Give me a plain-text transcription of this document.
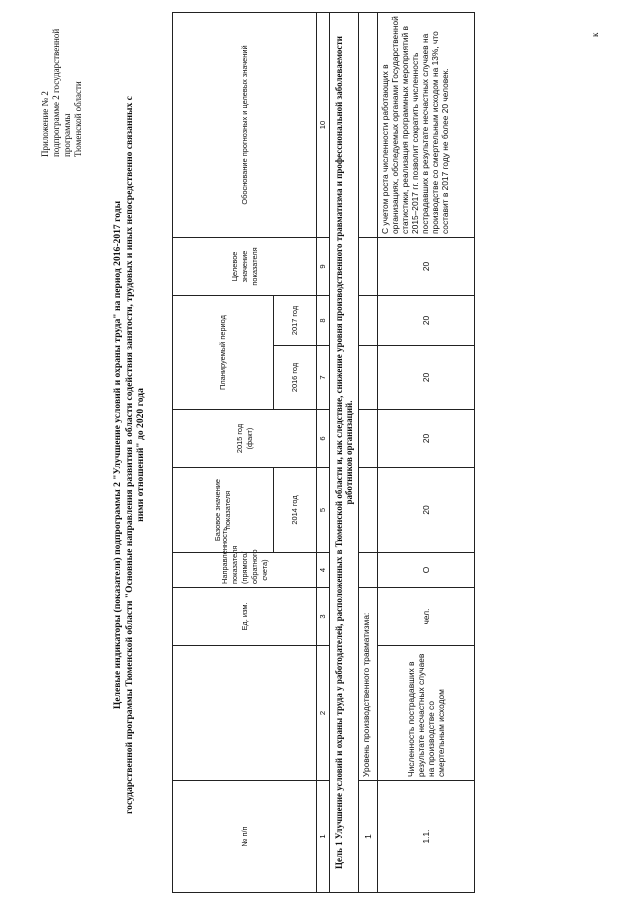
Приложение № 2 подпрограмме 2 государственной программы Тюменской области
к
Целевые индикаторы (показатели) подпрограммы 2 "Улучшение условий и охраны труда" на период 2016-2017 годы государственной программы Тюменской области "Основные направления развития в области содействия занятости, трудовых и иных непосредственно связанных с ними отношений" до 2020 года
№ п/п		Ед. изм.	Направленность показателя (прямого/обратного счета)	Базовое значение показателя	2015 год (факт)	Планируемый период		Целевое значение показателя	Обоснование прогнозных и целевых значений
				2014 год		2016 год	2017 год		
1	2	3	4	5	6	7	8	9	10
Цель 1 Улучшение условий и охраны труда у работодателей, расположенных в Тюменской области и, как следствие, снижение уровня производственного травматизма и профессиональной заболеваемости работников организаций.									
1	Уровень производственного травматизма:								
1.1.	Численность пострадавших в результате несчастных случаев на производстве со смертельным исходом	чел.	О	20	20	20	20	20	С учетом роста численности работающих в организациях, обследуемых органами Государственной статистики, реализация программных мероприятий в 2015–2017 гг. позволит сократить численность пострадавших в результате несчастных случаев на производстве со смертельным исходом на 13%, что составит в 2017 году не более 20 человек.
